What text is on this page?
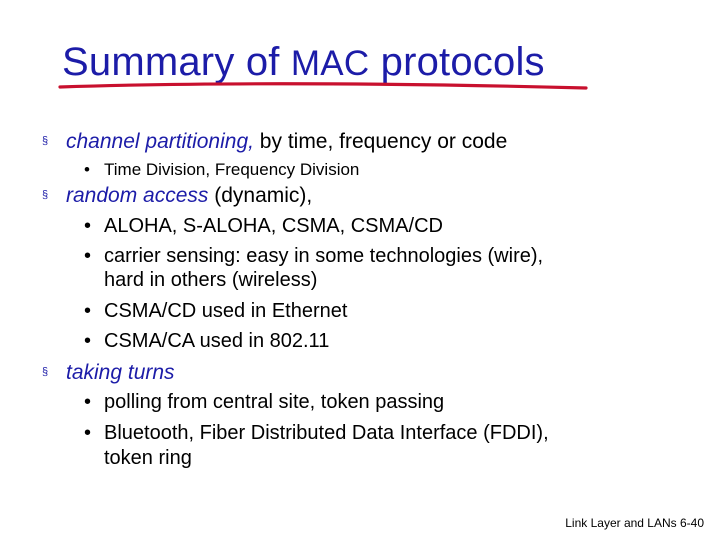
Summary of MAC protocols
§ channel partitioning, by time, frequency or code
• Time Division, Frequency Division
§ random access (dynamic),
• ALOHA, S-ALOHA, CSMA, CSMA/CD
• carrier sensing: easy in some technologies (wire),
hard in others (wireless)
• CSMA/CD used in Ethernet
• CSMA/CA used in 802.11
§ taking turns
• polling from central site, token passing
• Bluetooth, Fiber Distributed Data Interface (FDDI),
token ring
Link Layer and LANs 6-40
